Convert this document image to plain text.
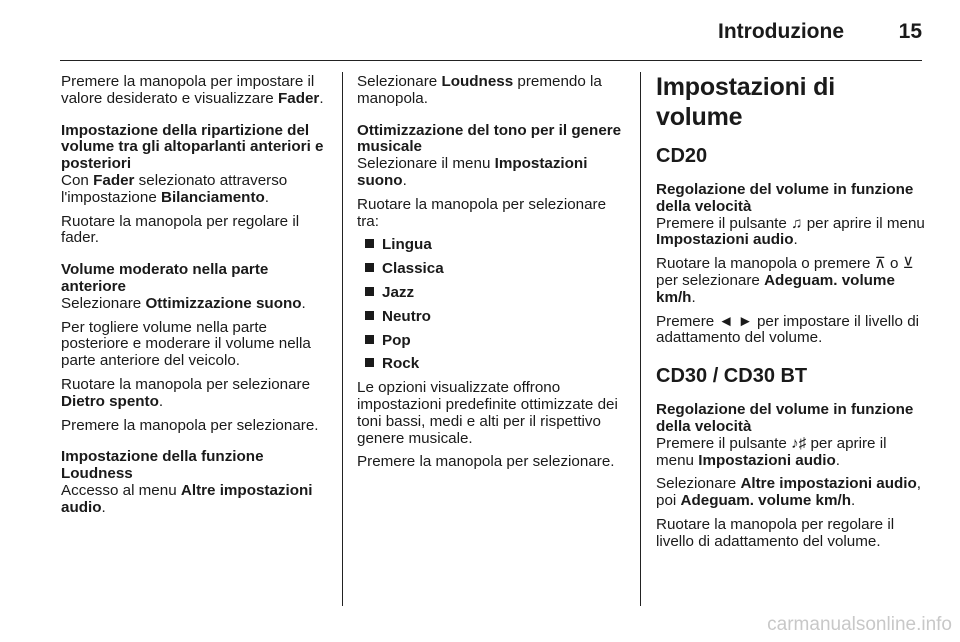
Introduzione	15

Premere la manopola per impostare il valore desiderato e visualizzare Fader.

Impostazione della ripartizione del volume tra gli altoparlanti anteriori e posteriori

Con Fader selezionato attraverso l'impostazione Bilanciamento.

Ruotare la manopola per regolare il fader.

Volume moderato nella parte anteriore

Selezionare Ottimizzazione suono.

Per togliere volume nella parte posteriore e moderare il volume nella parte anteriore del veicolo.

Ruotare la manopola per selezionare Dietro spento.

Premere la manopola per selezionare.

Impostazione della funzione Loudness

Accesso al menu Altre impostazioni audio.

Selezionare Loudness premendo la manopola.

Ottimizzazione del tono per il genere musicale

Selezionare il menu Impostazioni suono.

Ruotare la manopola per selezionare tra:

Lingua
Classica
Jazz
Neutro
Pop
Rock

Le opzioni visualizzate offrono impostazioni predefinite ottimizzate dei toni bassi, medi e alti per il rispettivo genere musicale.

Premere la manopola per selezionare.

Impostazioni di volume
CD20
Regolazione del volume in funzione della velocità

Premere il pulsante ♫ per aprire il menu Impostazioni audio.

Ruotare la manopola o premere ⊼ o ⊻ per selezionare Adeguam. volume km/h.

Premere ◄ ► per impostare il livello di adattamento del volume.

CD30 / CD30 BT
Regolazione del volume in funzione della velocità

Premere il pulsante ♪♯ per aprire il menu Impostazioni audio.

Selezionare Altre impostazioni audio, poi Adeguam. volume km/h.

Ruotare la manopola per regolare il livello di adattamento del volume.

carmanualsonline.info
